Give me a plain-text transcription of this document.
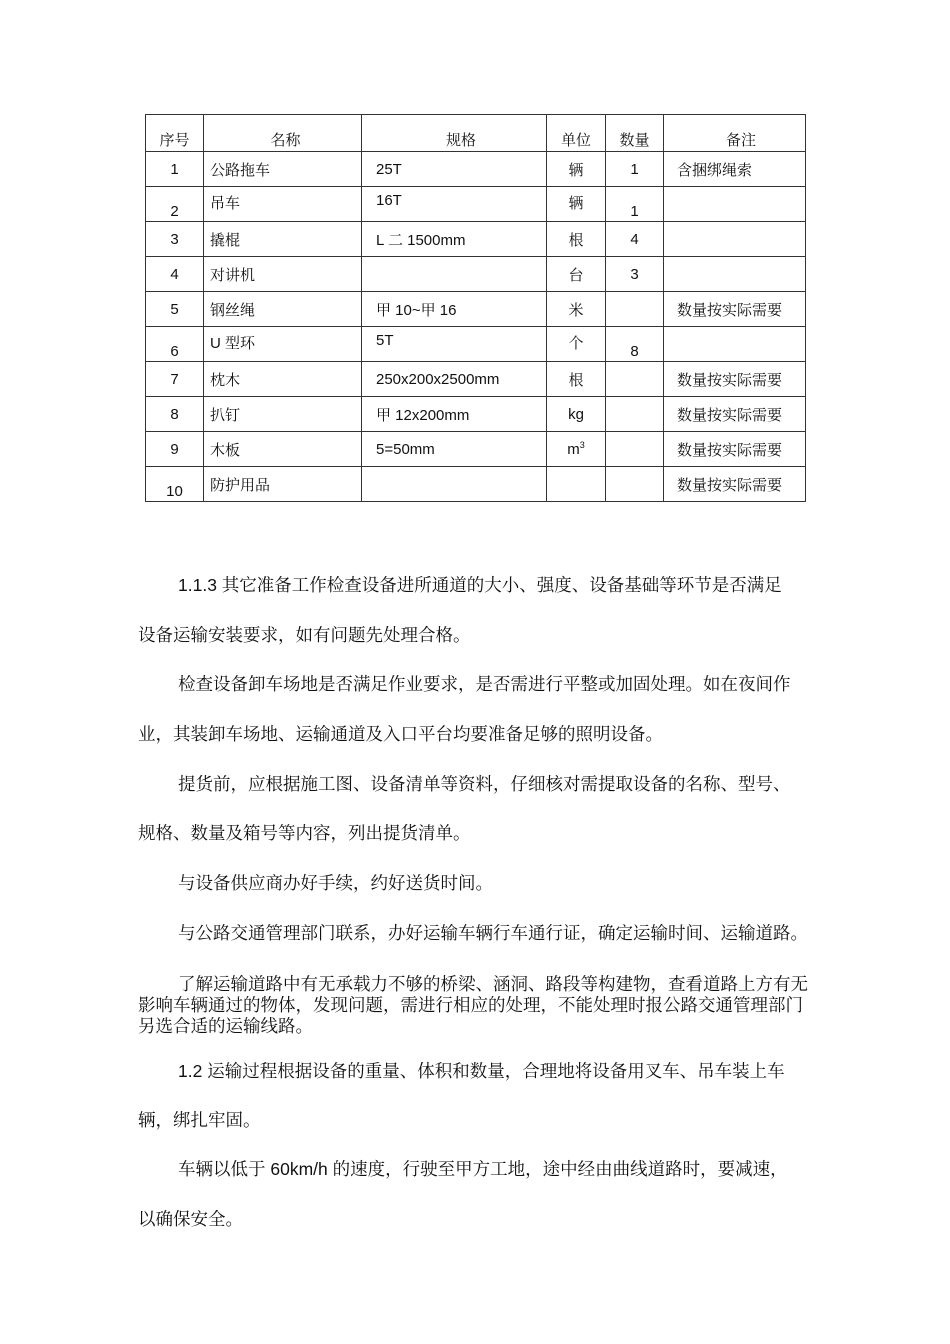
序号	名称	规格	单位	数量	备注
1	公路拖车	25T	辆	1	含捆绑绳索
2	吊车	16T	辆	1	
3	撬棍	L 二 1500mm	根	4	
4	对讲机		台	3	
5	钢丝绳	甲 10~甲 16	米		数量按实际需要
6	U 型环	5T	个	8	
7	枕木	250x200x2500mm	根		数量按实际需要
8	扒钉	甲 12x200mm	kg		数量按实际需要
9	木板	5=50mm	$m^3$		数量按实际需要
10	防护用品				数量按实际需要

1.1.3 其它准备工作检查设备进所通道的大小、强度、设备基础等环节是否满足

设备运输安装要求，如有问题先处理合格。

检查设备卸车场地是否满足作业要求，是否需进行平整或加固处理。如在夜间作

业，其装卸车场地、运输通道及入口平台均要准备足够的照明设备。

提货前，应根据施工图、设备清单等资料，仔细核对需提取设备的名称、型号、

规格、数量及箱号等内容，列出提货清单。

与设备供应商办好手续，约好送货时间。

与公路交通管理部门联系，办好运输车辆行车通行证，确定运输时间、运输道路。

了解运输道路中有无承载力不够的桥梁、涵洞、路段等构建物，查看道路上方有无影响车辆通过的物体，发现问题，需进行相应的处理，不能处理时报公路交通管理部门另选合适的运输线路。

1.2 运输过程根据设备的重量、体积和数量，合理地将设备用叉车、吊车装上车

辆，绑扎牢固。

车辆以低于 60km/h 的速度，行驶至甲方工地，途中经由曲线道路时，要减速，

以确保安全。
